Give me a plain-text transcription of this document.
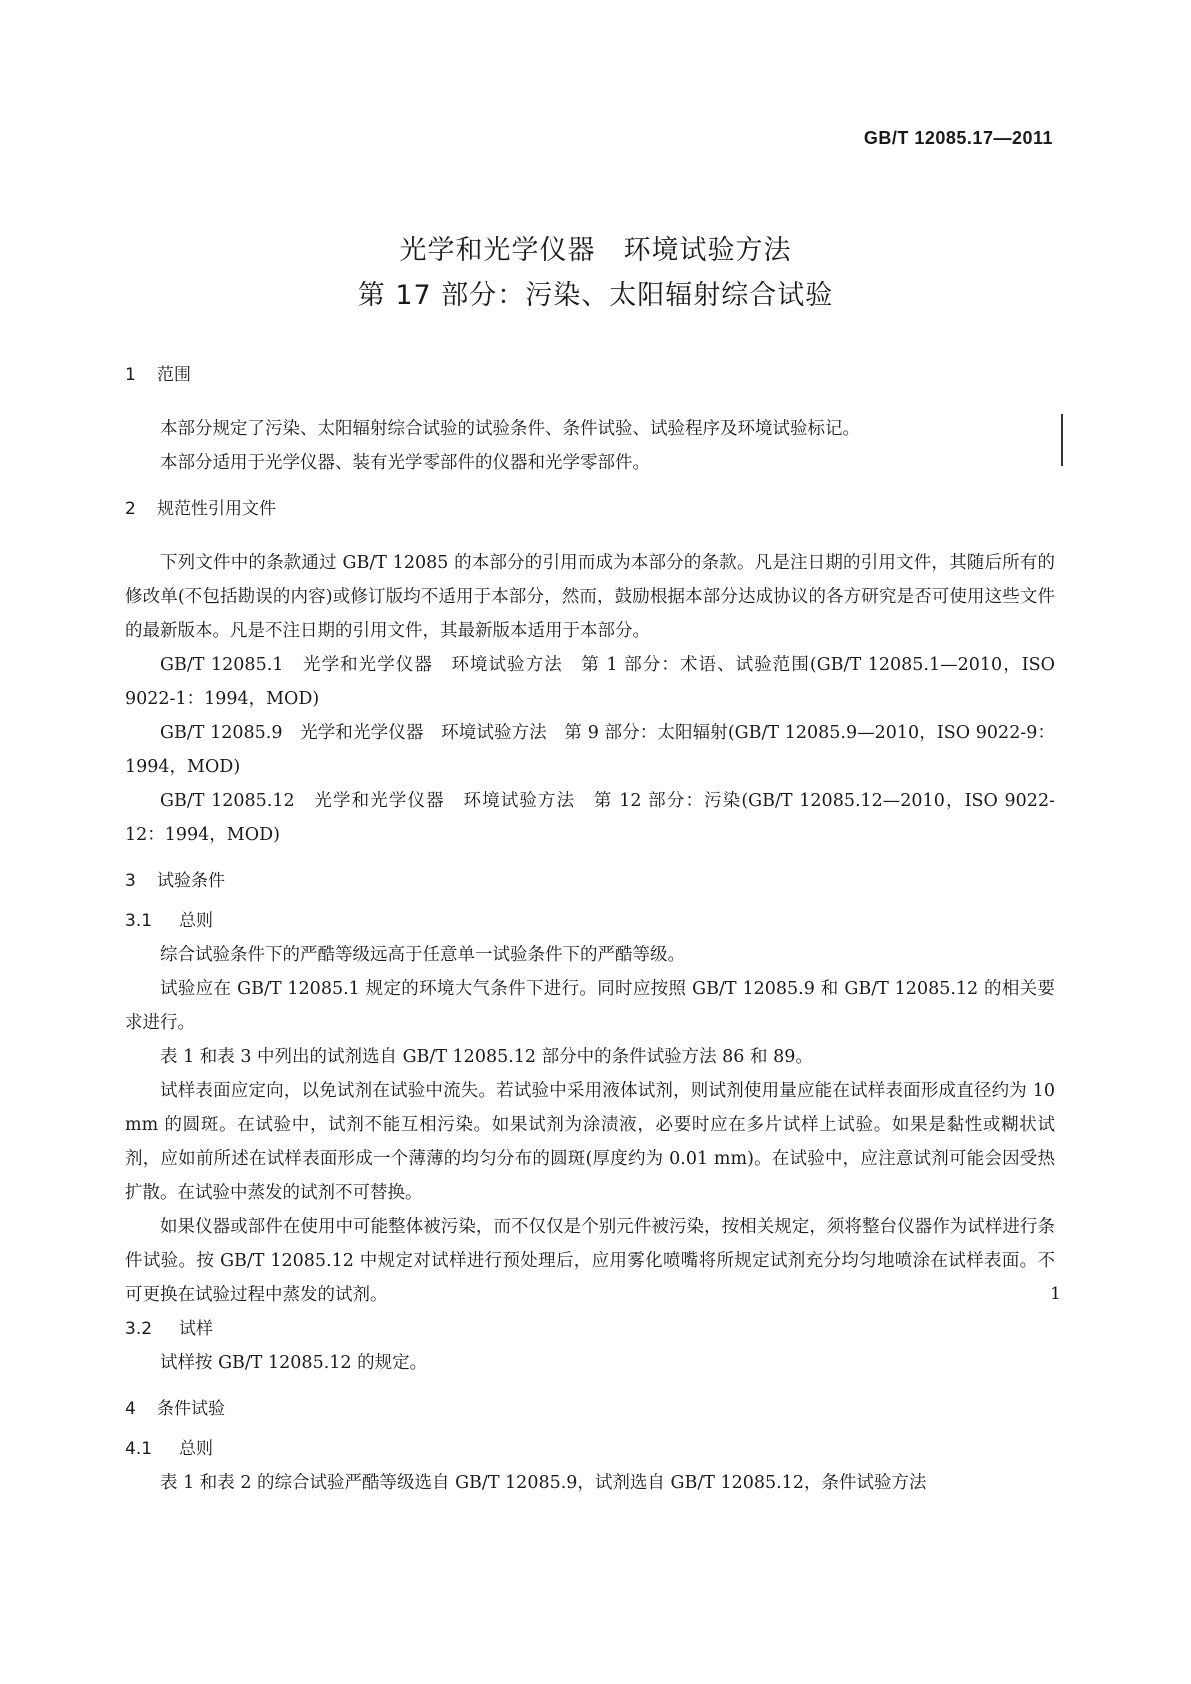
GB/T 12085.17—2011
光学和光学仪器　环境试验方法
第 17 部分：污染、太阳辐射综合试验
1 范围

本部分规定了污染、太阳辐射综合试验的试验条件、条件试验、试验程序及环境试验标记。

本部分适用于光学仪器、装有光学零部件的仪器和光学零部件。

2 规范性引用文件

下列文件中的条款通过 GB/T 12085 的本部分的引用而成为本部分的条款。凡是注日期的引用文件，其随后所有的修改单(不包括勘误的内容)或修订版均不适用于本部分，然而，鼓励根据本部分达成协议的各方研究是否可使用这些文件的最新版本。凡是不注日期的引用文件，其最新版本适用于本部分。

GB/T 12085.1　光学和光学仪器　环境试验方法　第 1 部分：术语、试验范围(GB/T 12085.1—2010，ISO 9022-1：1994，MOD)

GB/T 12085.9　光学和光学仪器　环境试验方法　第 9 部分：太阳辐射(GB/T 12085.9—2010，ISO 9022-9：1994，MOD)

GB/T 12085.12　光学和光学仪器　环境试验方法　第 12 部分：污染(GB/T 12085.12—2010，ISO 9022-12：1994，MOD)

3 试验条件
3.1 总则

综合试验条件下的严酷等级远高于任意单一试验条件下的严酷等级。

试验应在 GB/T 12085.1 规定的环境大气条件下进行。同时应按照 GB/T 12085.9 和 GB/T 12085.12 的相关要求进行。

表 1 和表 3 中列出的试剂选自 GB/T 12085.12 部分中的条件试验方法 86 和 89。

试样表面应定向，以免试剂在试验中流失。若试验中采用液体试剂，则试剂使用量应能在试样表面形成直径约为 10 mm 的圆斑。在试验中，试剂不能互相污染。如果试剂为涂渍液，必要时应在多片试样上试验。如果是黏性或糊状试剂，应如前所述在试样表面形成一个薄薄的均匀分布的圆斑(厚度约为 0.01 mm)。在试验中，应注意试剂可能会因受热扩散。在试验中蒸发的试剂不可替换。

如果仪器或部件在使用中可能整体被污染，而不仅仅是个别元件被污染，按相关规定，须将整台仪器作为试样进行条件试验。按 GB/T 12085.12 中规定对试样进行预处理后，应用雾化喷嘴将所规定试剂充分均匀地喷涂在试样表面。不可更换在试验过程中蒸发的试剂。

3.2 试样

试样按 GB/T 12085.12 的规定。

4 条件试验
4.1 总则

表 1 和表 2 的综合试验严酷等级选自 GB/T 12085.9，试剂选自 GB/T 12085.12，条件试验方法

1
